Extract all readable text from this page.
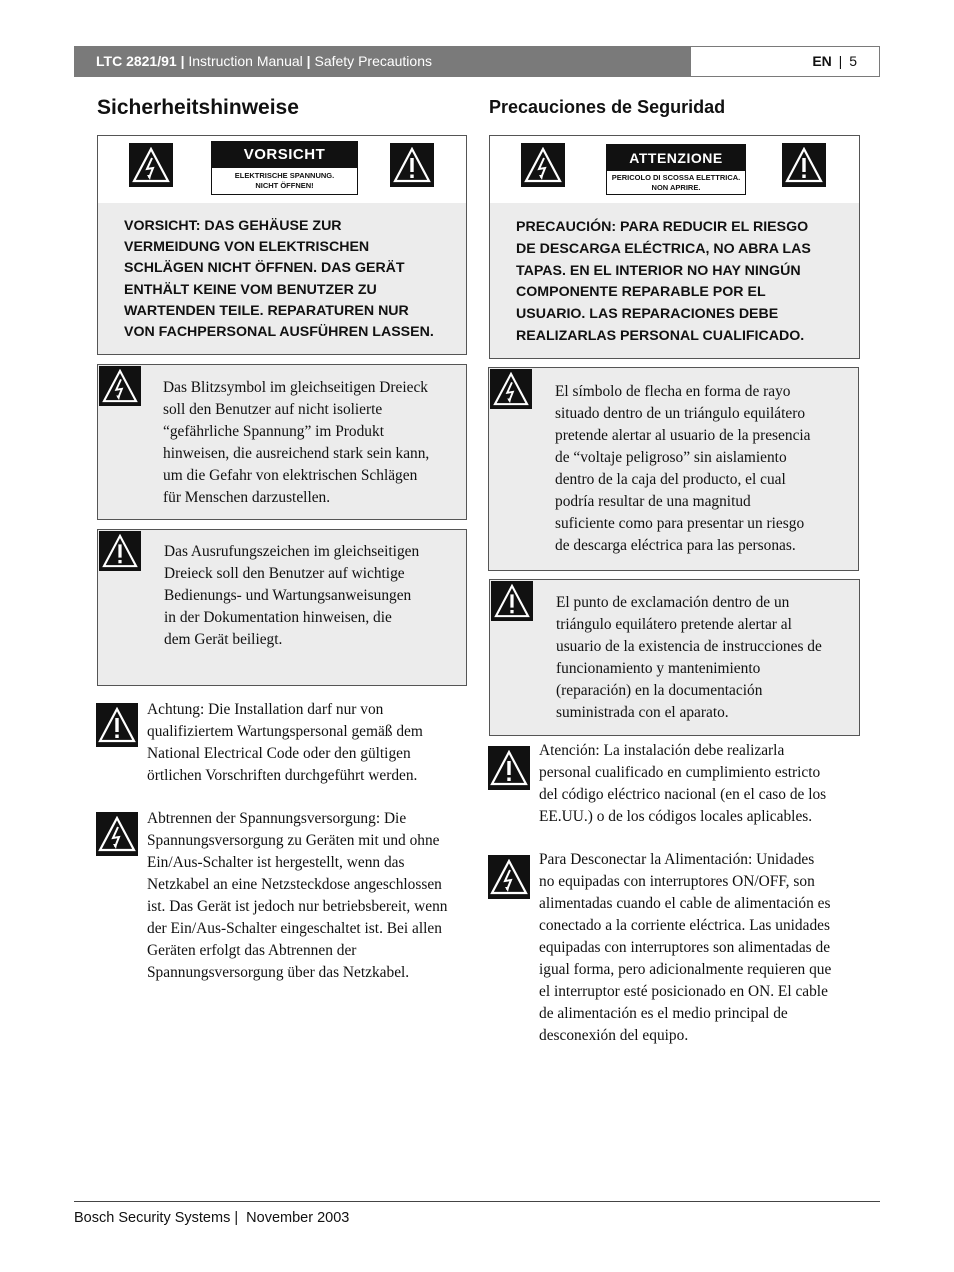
LTC 2821/91 | Instruction Manual | Safety Precautions	EN | 5
Sicherheitshinweise
VORSICHT
ELEKTRISCHE SPANNUNG.
NICHT ÖFFNEN!
VORSICHT: DAS GEHÄUSE ZUR
VERMEIDUNG VON ELEKTRISCHEN
SCHLÄGEN NICHT ÖFFNEN. DAS GERÄT
ENTHÄLT KEINE VOM BENUTZER ZU
WARTENDEN TEILE. REPARATUREN NUR
VON FACHPERSONAL AUSFÜHREN LASSEN.
Das Blitzsymbol im gleichseitigen Dreieck
soll den Benutzer auf nicht isolierte
“gefährliche Spannung” im Produkt
hinweisen, die ausreichend stark sein kann,
um die Gefahr von elektrischen Schlägen
für Menschen darzustellen.
Das Ausrufungszeichen im gleichseitigen
Dreieck soll den Benutzer auf wichtige
Bedienungs- und Wartungsanweisungen
in der Dokumentation hinweisen, die
dem Gerät beiliegt.
Achtung: Die Installation darf nur von
qualifiziertem Wartungspersonal gemäß dem
National Electrical Code oder den gültigen
örtlichen Vorschriften durchgeführt werden.
Abtrennen der Spannungsversorgung: Die
Spannungsversorgung zu Geräten mit und ohne
Ein/Aus-Schalter ist hergestellt, wenn das
Netzkabel an eine Netzsteckdose angeschlossen
ist. Das Gerät ist jedoch nur betriebsbereit, wenn
der Ein/Aus-Schalter eingeschaltet ist. Bei allen
Geräten erfolgt das Abtrennen der
Spannungsversorgung über das Netzkabel.
Precauciones de Seguridad
ATTENZIONE
PERICOLO DI SCOSSA ELETTRICA.
NON APRIRE.
PRECAUCIÓN: PARA REDUCIR EL RIESGO
DE DESCARGA ELÉCTRICA, NO ABRA LAS
TAPAS. EN EL INTERIOR NO HAY NINGÚN
COMPONENTE REPARABLE POR EL
USUARIO. LAS REPARACIONES DEBE
REALIZARLAS PERSONAL CUALIFICADO.
El símbolo de flecha en forma de rayo
situado dentro de un triángulo equilátero
pretende alertar al usuario de la presencia
de “voltaje peligroso” sin aislamiento
dentro de la caja del producto, el cual
podría resultar de una magnitud
suficiente como para presentar un riesgo
de descarga eléctrica para las personas.
El punto de exclamación dentro de un
triángulo equilátero pretende alertar al
usuario de la existencia de instrucciones de
funcionamiento y mantenimiento
(reparación) en la documentación
suministrada con el aparato.
Atención: La instalación debe realizarla
personal cualificado en cumplimiento estricto
del código eléctrico nacional (en el caso de los
EE.UU.) o de los códigos locales aplicables.
Para Desconectar la Alimentación: Unidades
no equipadas con interruptores ON/OFF, son
alimentadas cuando el cable de alimentación es
conectado a la corriente eléctrica. Las unidades
equipadas con interruptores son alimentadas de
igual forma, pero adicionalmente requieren que
el interruptor esté posicionado en ON. El cable
de alimentación es el medio principal de
desconexión del equipo.
Bosch Security Systems | November 2003
